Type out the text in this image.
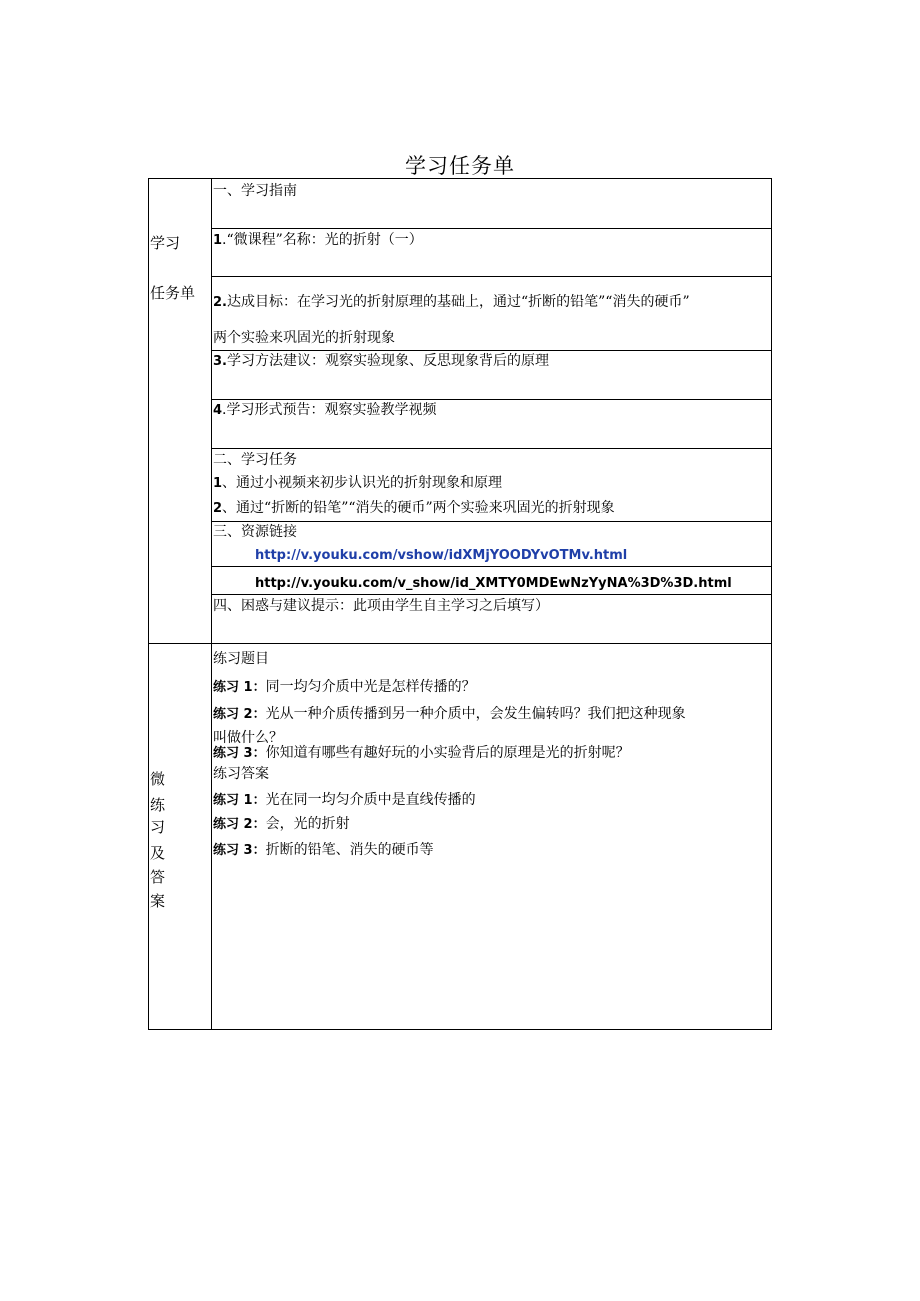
学习任务单
学习
任务单
微
练
习
及
答
案
一、学习指南
1.“微课程”名称：光的折射（一）
2.达成目标：在学习光的折射原理的基础上，通过“折断的铅笔”“消失的硬币”
两个实验来巩固光的折射现象
3.学习方法建议：观察实验现象、反思现象背后的原理
4.学习形式预告：观察实验教学视频
二、学习任务
1、通过小视频来初步认识光的折射现象和原理
2、通过“折断的铅笔”“消失的硬币”两个实验来巩固光的折射现象
三、资源链接
http://v.youku.com/vshow/idXMjYOODYvOTMv.html
http://v.youku.com/v_show/id_XMTY0MDEwNzYyNA%3D%3D.html
四、困惑与建议提示：此项由学生自主学习之后填写）
练习题目
练习 1：同一均匀介质中光是怎样传播的？
练习 2：光从一种介质传播到另一种介质中，会发生偏转吗？我们把这种现象
叫做什么？
练习 3：你知道有哪些有趣好玩的小实验背后的原理是光的折射呢？
练习答案
练习 1：光在同一均匀介质中是直线传播的
练习 2：会，光的折射
练习 3：折断的铅笔、消失的硬币等
